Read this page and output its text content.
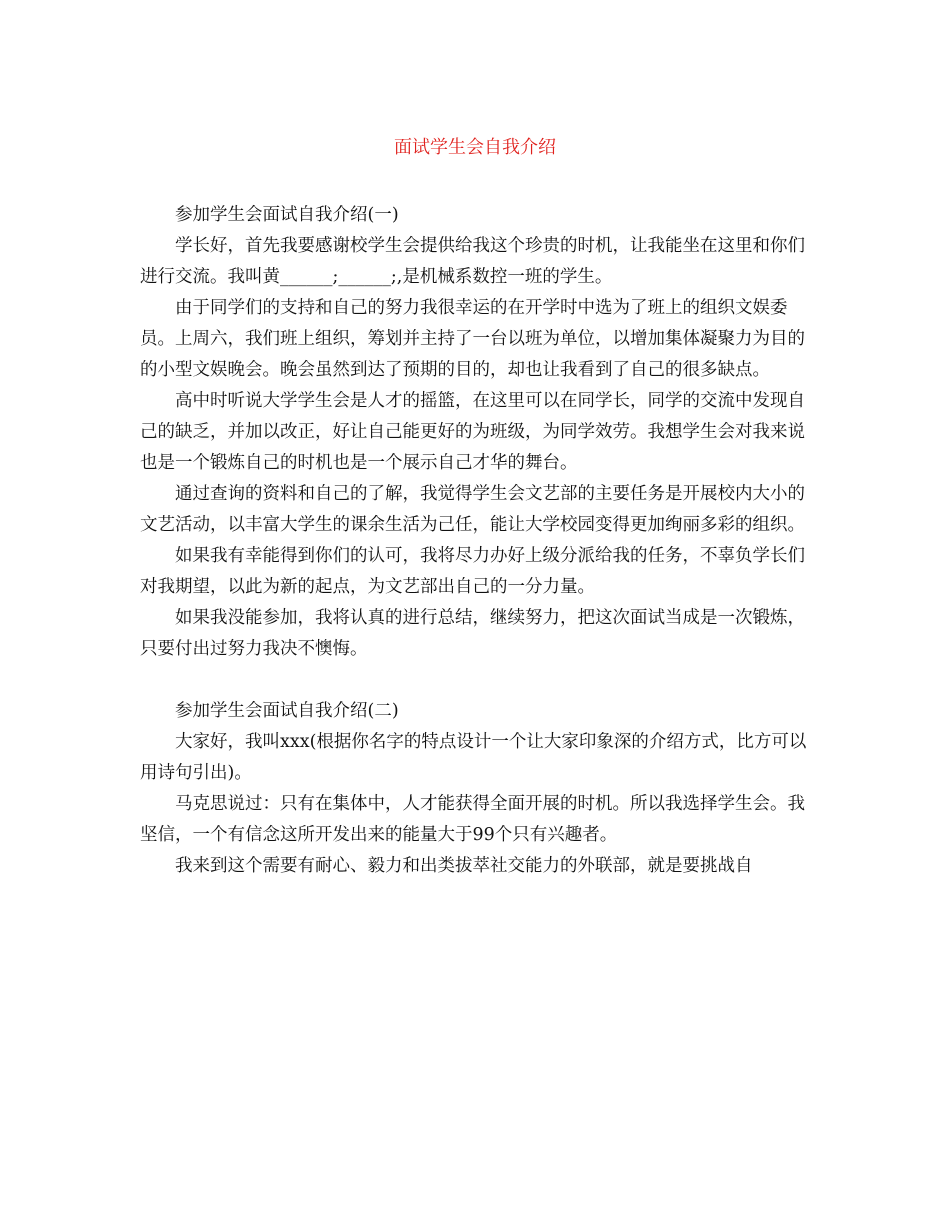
面试学生会自我介绍

参加学生会面试自我介绍(一)

学长好，首先我要感谢校学生会提供给我这个珍贵的时机，让我能坐在这里和你们进行交流。我叫黄______;______;,是机械系数控一班的学生。

由于同学们的支持和自己的努力我很幸运的在开学时中选为了班上的组织文娱委员。上周六，我们班上组织，筹划并主持了一台以班为单位，以增加集体凝聚力为目的的小型文娱晚会。晚会虽然到达了预期的目的，却也让我看到了自己的很多缺点。

高中时听说大学学生会是人才的摇篮，在这里可以在同学长，同学的交流中发现自己的缺乏，并加以改正，好让自己能更好的为班级，为同学效劳。我想学生会对我来说也是一个锻炼自己的时机也是一个展示自己才华的舞台。

通过查询的资料和自己的了解，我觉得学生会文艺部的主要任务是开展校内大小的文艺活动，以丰富大学生的课余生活为己任，能让大学校园变得更加绚丽多彩的组织。

如果我有幸能得到你们的认可，我将尽力办好上级分派给我的任务，不辜负学长们对我期望，以此为新的起点，为文艺部出自己的一分力量。

如果我没能参加，我将认真的进行总结，继续努力，把这次面试当成是一次锻炼，只要付出过努力我决不懊悔。

参加学生会面试自我介绍(二)

大家好，我叫xxx(根据你名字的特点设计一个让大家印象深的介绍方式，比方可以用诗句引出)。

马克思说过：只有在集体中，人才能获得全面开展的时机。所以我选择学生会。我坚信，一个有信念这所开发出来的能量大于99个只有兴趣者。

我来到这个需要有耐心、毅力和出类拔萃社交能力的外联部，就是要挑战自
